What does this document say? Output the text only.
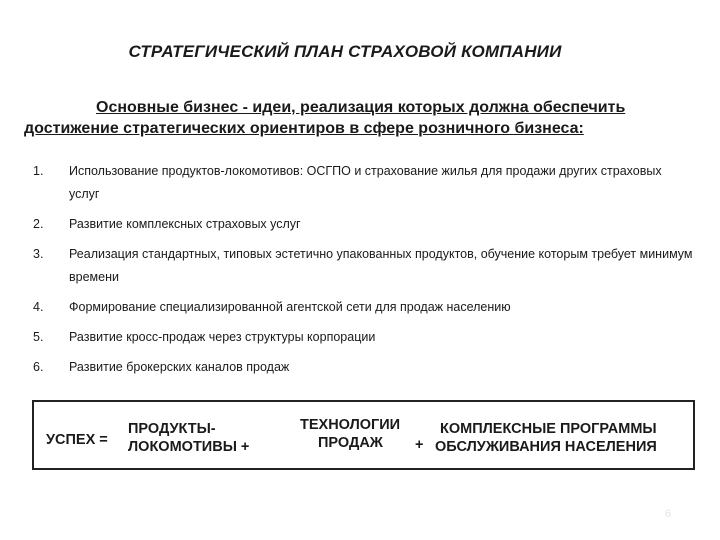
СТРАТЕГИЧЕСКИЙ ПЛАН СТРАХОВОЙ КОМПАНИИ
Основные бизнес - идеи, реализация которых должна обеспечить
достижение стратегических ориентиров в сфере розничного бизнеса:
1.	Использование продуктов-локомотивов: ОСГПО и страхование жилья для продажи других страховых услуг
2.	Развитие комплексных страховых услуг
3.	Реализация стандартных, типовых эстетично упакованных продуктов, обучение которым требует минимум времени
4.	Формирование специализированной агентской сети для продаж населению
5.	Развитие кросс-продаж через структуры корпорации
6.	Развитие брокерских каналов продаж
УСПЕХ =
ПРОДУКТЫ-
ЛОКОМОТИВЫ +
ТЕХНОЛОГИИ
ПРОДАЖ +
КОМПЛЕКСНЫЕ ПРОГРАММЫ
ОБСЛУЖИВАНИЯ НАСЕЛЕНИЯ
6
